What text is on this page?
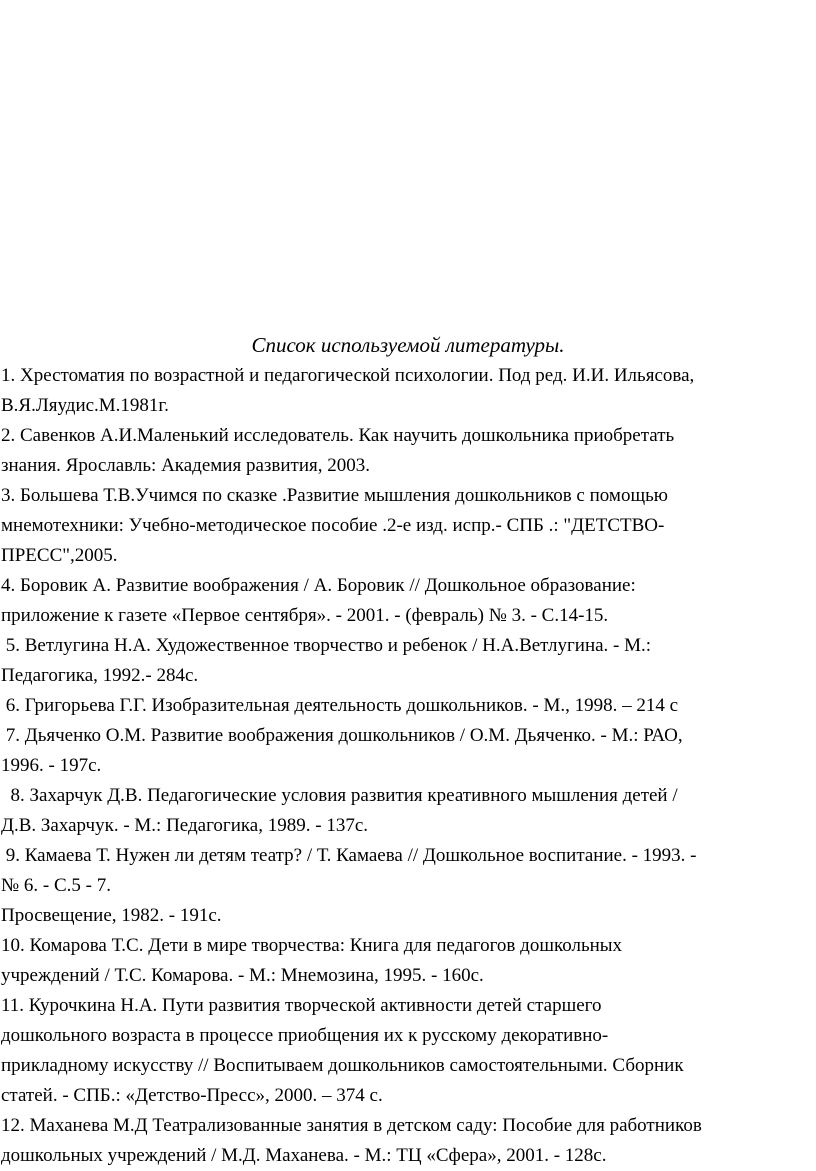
Список используемой литературы.
1. Хрестоматия по возрастной и педагогической психологии. Под ред. И.И. Ильясова,
В.Я.Ляудис.М.1981г.
2. Савенков А.И.Маленький исследователь. Как научить дошкольника приобретать
знания. Ярославль: Академия развития, 2003.
3. Большева Т.В.Учимся по сказке .Развитие мышления дошкольников с помощью
мнемотехники: Учебно-методическое пособие .2-е изд. испр.- СПБ .: "ДЕТСТВО-
ПРЕСС",2005.
4. Боровик А. Развитие воображения / А. Боровик // Дошкольное образование:
приложение к газете «Первое сентября». - 2001. - (февраль) № 3. - С.14-15.
5. Ветлугина Н.А. Художественное творчество и ребенок / Н.А.Ветлугина. - М.:
Педагогика, 1992.- 284с.
6. Григорьева Г.Г. Изобразительная деятельность дошкольников. - М., 1998. – 214 с
7. Дьяченко О.М. Развитие воображения дошкольников / О.М. Дьяченко. - М.: РАО,
1996. - 197с.
8. Захарчук Д.В. Педагогические условия развития креативного мышления детей /
Д.В. Захарчук. - М.: Педагогика, 1989. - 137с.
9. Камаева Т. Нужен ли детям театр? / Т. Камаева // Дошкольное воспитание. - 1993. -
№ 6. - С.5 - 7.
Просвещение, 1982. - 191с.
10. Комарова Т.С. Дети в мире творчества: Книга для педагогов дошкольных
учреждений / Т.С. Комарова. - М.: Мнемозина, 1995. - 160с.
11. Курочкина Н.А. Пути развития творческой активности детей старшего
дошкольного возраста в процессе приобщения их к русскому декоративно-
прикладному искусству // Воспитываем дошкольников самостоятельными. Сборник
статей. - СПБ.: «Детство-Пресс», 2000. – 374 с.
12. Маханева М.Д Театрализованные занятия в детском саду: Пособие для работников
дошкольных учреждений / М.Д. Маханева. - М.: ТЦ «Сфера», 2001. - 128с.
